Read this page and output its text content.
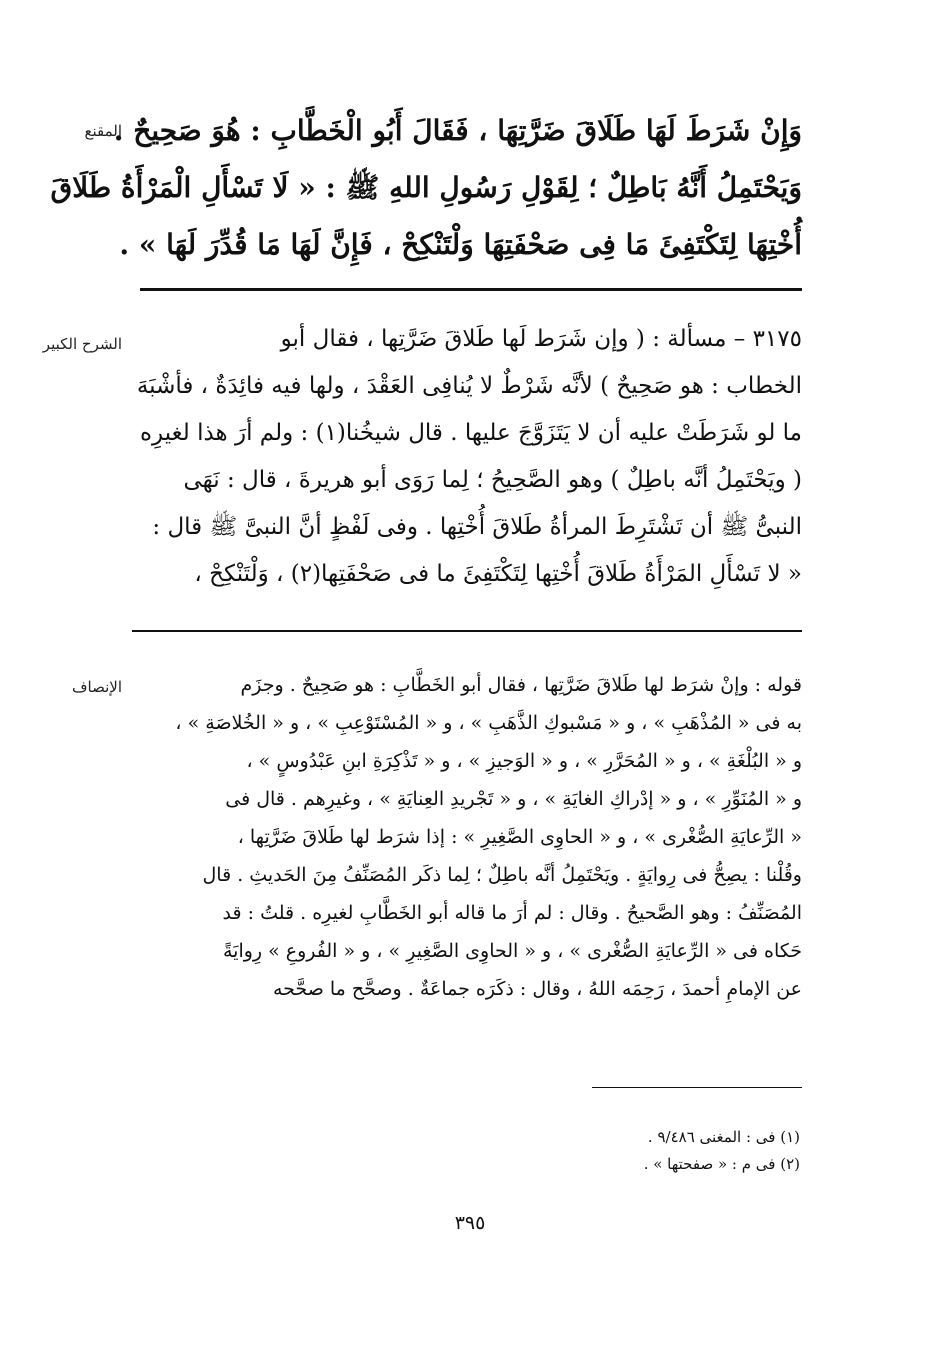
المقنع

وَإِنْ شَرَطَ لَهَا طَلَاقَ ضَرَّتِهَا ، فَقَالَ أَبُو الْخَطَّابِ : هُوَ صَحِيحٌ .

وَيَحْتَمِلُ أَنَّهُ بَاطِلٌ ؛ لِقَوْلِ رَسُولِ اللهِ ﷺ : « لَا تَسْأَلِ الْمَرْأَةُ طَلَاقَ

أُخْتِهَا لِتَكْتَفِئَ مَا فِى صَحْفَتِهَا وَلْتَنْكِحْ ، فَإِنَّ لَهَا مَا قُدِّرَ لَهَا » .

الشرح الكبير	٣١٧٥ – مسألة : ( وإن شَرَط لَها طَلاقَ ضَرَّتِها ، فقال أبو

الخطاب : هو صَحِيحٌ ) لأنَّه شَرْطٌ لا يُنافِى العَقْدَ ، ولها فيه فائِدَةٌ ، فأشْبَهَ

ما لو شَرَطَتْ عليه أن لا يَتَزَوَّجَ عليها . قال شيخُنا(١) : ولم أرَ هذا لغيرِه

( ويَحْتَمِلُ أنَّه باطِلٌ ) وهو الصَّحِيحُ ؛ لِما رَوَى أبو هريرةَ ، قال : نَهَى

النبىُّ ﷺ أن تَشْتَرِطَ المرأةُ طَلاقَ أُخْتِها . وفى لَفْظٍ أنَّ النبىَّ ﷺ قال :

« لا تَسْأَلِ المَرْأَةُ طَلاقَ أُخْتِها لِتَكْتَفِئَ ما فى صَحْفَتِها(٢) ، وَلْتَنْكِحْ ،

الإنصاف	قوله : وإنْ شرَط لها طَلاقَ ضَرَّتِها ، فقال أبو الخَطَّابِ : هو صَحِيحٌ . وجزَم

به فى « المُذْهَبِ » ، و « مَسْبوكِ الذَّهَبِ » ، و « المُسْتَوْعِبِ » ، و « الخُلاصَةِ » ،

و « البُلْغَةِ » ، و « المُحَرَّرِ » ، و « الوَجيزِ » ، و « تَذْكِرَةِ ابنِ عَبْدُوسٍ » ،

و « المُنَوِّرِ » ، و « إدْراكِ الغايَةِ » ، و « تَجْريدِ العِنايَةِ » ، وغيرِهم . قال فى

« الرِّعايَةِ الصُّغْرى » ، و « الحاوِى الصَّغِيرِ » : إذا شرَط لها طَلاقَ ضَرَّتِها ،

وقُلْنا : يصِحُّ فى رِوايَةٍ . ويَحْتَمِلُ أنَّه باطِلٌ ؛ لِما ذكَر المُصَنِّفُ مِنَ الحَديثِ . قال

المُصَنِّفُ : وهو الصَّحيحُ . وقال : لم أرَ ما قاله أبو الخَطَّابِ لغيرِه . قلتُ : قد

حَكاه فى « الرِّعايَةِ الصُّغْرى » ، و « الحاوِى الصَّغِيرِ » ، و « الفُروعِ » رِوايَةً

عن الإمامِ أحمدَ ، رَحِمَه اللهُ ، وقال : ذكَرَه جماعَةٌ . وصحَّح ما صحَّحه

(١) فى : المغنى ٩/٤٨٦ .

(٢) فى م : « صفحتها » .

٣٩٥
